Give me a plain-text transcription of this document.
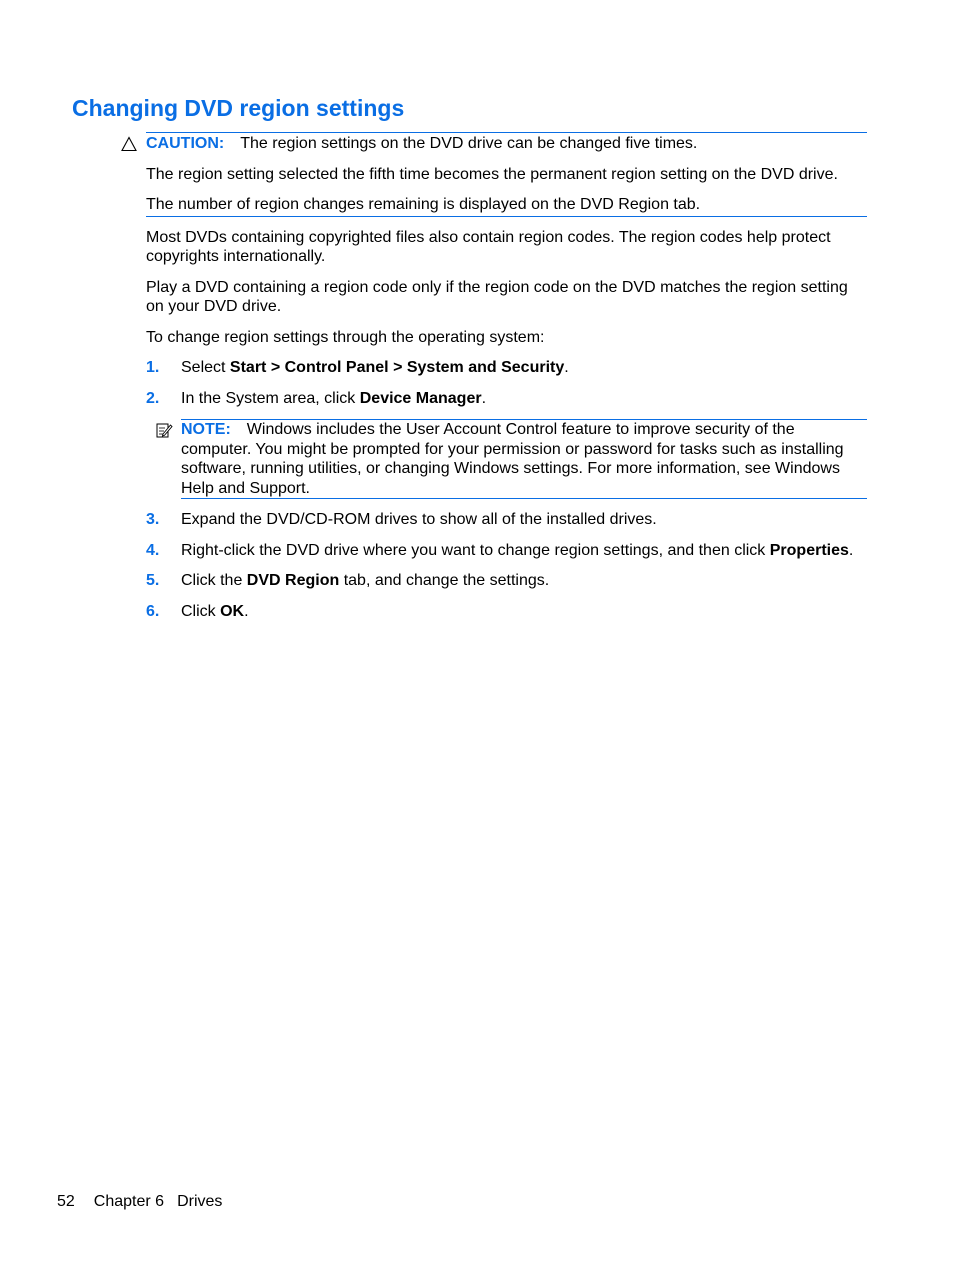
Changing DVD region settings

CAUTION: The region settings on the DVD drive can be changed five times.

The region setting selected the fifth time becomes the permanent region setting on the DVD drive.

The number of region changes remaining is displayed on the DVD Region tab.

Most DVDs containing copyrighted files also contain region codes. The region codes help protect copyrights internationally.

Play a DVD containing a region code only if the region code on the DVD matches the region setting on your DVD drive.

To change region settings through the operating system:

1. Select Start > Control Panel > System and Security.
2. In the System area, click Device Manager.
NOTE: Windows includes the User Account Control feature to improve security of the computer. You might be prompted for your permission or password for tasks such as installing software, running utilities, or changing Windows settings. For more information, see Windows Help and Support.
3. Expand the DVD/CD-ROM drives to show all of the installed drives.
4. Right-click the DVD drive where you want to change region settings, and then click Properties.
5. Click the DVD Region tab, and change the settings.
6. Click OK.
52 Chapter 6 Drives
